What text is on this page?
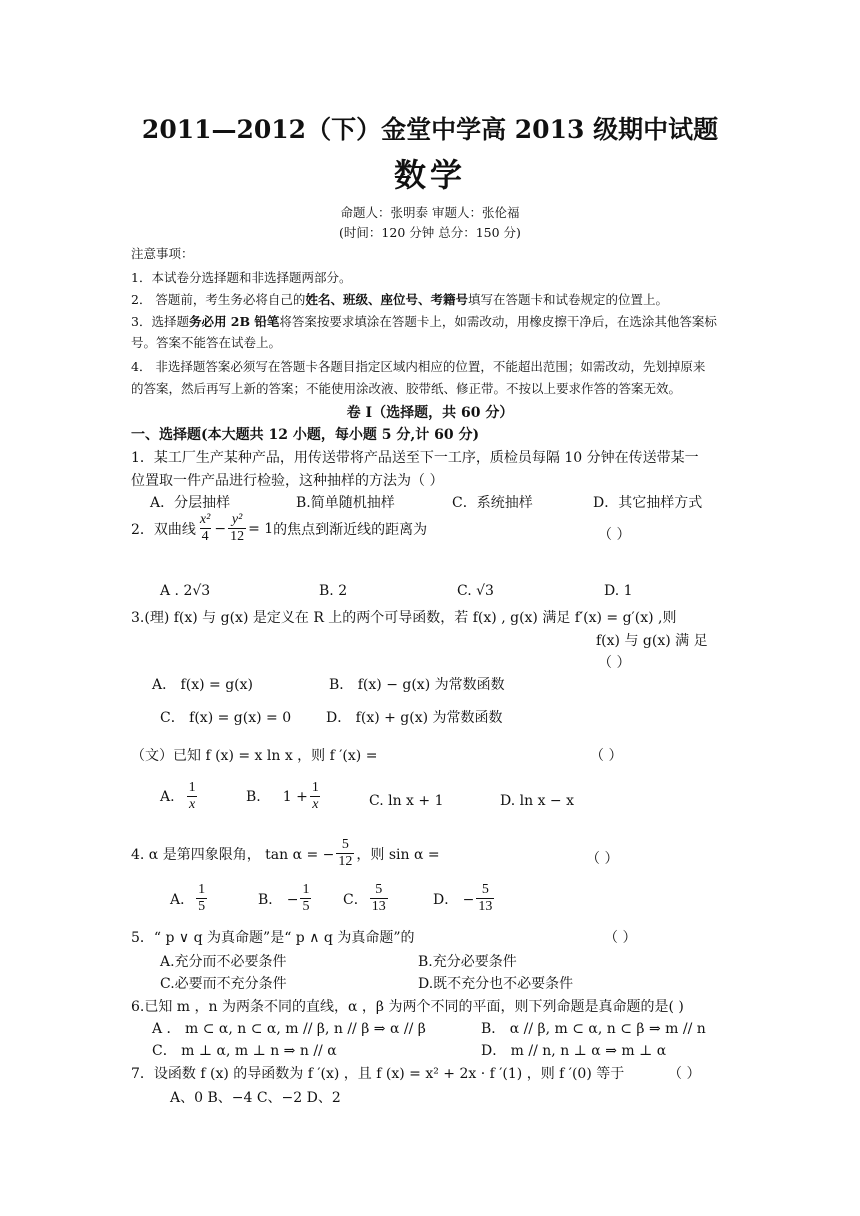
2011—2012（下）金堂中学高 2013 级期中试题
数学
命题人：张明泰 审题人：张伦福
(时间：120 分钟 总分：150 分)
注意事项：
1．本试卷分选择题和非选择题两部分。
2． 答题前，考生务必将自己的姓名、班级、座位号、考籍号填写在答题卡和试卷规定的位置上。
3．选择题务必用 2B 铅笔将答案按要求填涂在答题卡上，如需改动，用橡皮擦干净后，在选涂其他答案标
号。答案不能答在试卷上。
4． 非选择题答案必须写在答题卡各题目指定区域内相应的位置，不能超出范围；如需改动，先划掉原来
的答案，然后再写上新的答案；不能使用涂改液、胶带纸、修正带。不按以上要求作答的答案无效。
卷 I（选择题，共 60 分）
一、选择题(本大题共 12 小题，每小题 5 分,计 60 分)
1．某工厂生产某种产品，用传送带将产品送至下一工序，质检员每隔 10 分钟在传送带某一
位置取一件产品进行检验，这种抽样的方法为（ ）
A．分层抽样	B.简单随机抽样	C．系统抽样	D．其它抽样方式
2．双曲线 $\frac{\text{x²}}{4} - \frac{\text{y²}}{12} = 1$ 的焦点到渐近线的距离为	（ ）
A . 2√3	B. 2	C. √3	D. 1
3.(理) f(x) 与 g(x) 是定义在 R 上的两个可导函数，若 f(x) , g(x) 满足 f′(x) = g′(x) ,则
f(x) 与 g(x) 满 足
（ ）
A． f(x) = g(x)	B． f(x) − g(x) 为常数函数
C． f(x) = g(x) = 0 D． f(x) + g(x) 为常数函数
（文）已知 f (x) = x ln x ，则 f ′(x) =	（ ）
A. $\frac{1}{x}$	B. $1 + \frac{1}{x}$	C. ln x + 1	D. ln x − x
4. α 是第四象限角， tan α = − $\frac{5}{12}$ ，则 sin α =	（ ）
A． $\frac{1}{5}$	B． − $\frac{1}{5}$ C． $\frac{5}{13}$	D． − $\frac{5}{13}$
5．“ p ∨ q 为真命题”是“ p ∧ q 为真命题”的	（ ）
A.充分而不必要条件	B.充分必要条件
C.必要而不充分条件	D.既不充分也不必要条件
6.已知 m ，n 为两条不同的直线，α ，β 为两个不同的平面，则下列命题是真命题的是( )
A ． m ⊂ α, n ⊂ α, m // β, n // β ⇒ α // β	B． α // β, m ⊂ α, n ⊂ β ⇒ m // n
C． m ⊥ α, m ⊥ n ⇒ n // α	D． m // n, n ⊥ α ⇒ m ⊥ α
7．设函数 f (x) 的导函数为 f ′(x) ，且 f (x) = x² + 2x · f ′(1) ，则 f ′(0) 等于	（ ）
A、0 B、−4 C、−2 D、2
